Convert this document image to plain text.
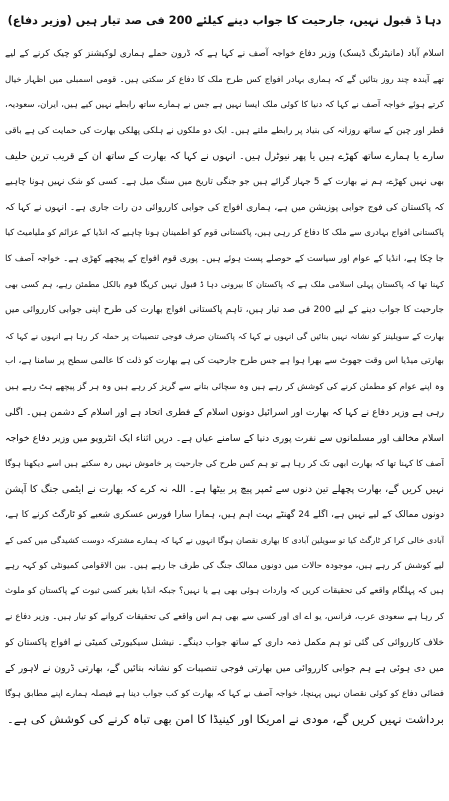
دہا ڈ قبول نہیں، جارحیت کا جواب دینے کیلئے 200 فی صد تیار ہیں (وزیر دفاع)
اسلام آباد (مانیٹرنگ ڈیسک) وزیر دفاع خواجہ آصف نے کہا ہے کہ ڈرون حملے ہماری لوکیشنز کو چیک کرنے کے لیے
تھے آیندہ چند روز بتائیں گے کہ ہماری بہادر افواج کس طرح ملک کا دفاع کر سکتی ہیں۔ قومی اسمبلی میں اظہار خیال
کرتے ہوئے خواجہ آصف نے کہا کہ دنیا کا کوئی ملک ایسا نہیں ہے جس نے ہمارے ساتھ رابطے نہیں کیے ہیں، ایران، سعودیہ،
قطر اور چین کے ساتھ روزانہ کی بنیاد پر رابطے ملتے ہیں۔ ایک دو ملکوں نے ہلکی پھلکی بھارت کی حمایت کی ہے باقی
سارے یا ہمارے ساتھ کھڑے ہیں یا پھر نیوٹرل ہیں۔ انہوں نے کہا کہ بھارت کے ساتھ ان کے قریب ترین حلیف
بھی نہیں کھڑے، ہم نے بھارت کے 5 جہاز گرائے ہیں جو جنگی تاریخ میں سنگ میل ہے۔ کسی کو شک نہیں ہونا چاہیے
کہ پاکستان کی فوج جوابی پوزیشن میں ہے، ہماری افواج کی جوابی کارروائی دن رات جاری ہے۔ انہوں نے کہا کہ
پاکستانی افواج بہادری سے ملک کا دفاع کر رہی ہیں، پاکستانی قوم کو اطمینان ہونا چاہیے کہ انڈیا کے عزائم کو ملیامیٹ کیا
جا چکا ہے، انڈیا کے عوام اور سیاست کے حوصلے پست ہوئے ہیں۔ پوری قوم افواج کے پیچھے کھڑی ہے۔ خواجہ آصف کا
کہنا تھا کہ پاکستان پہلی اسلامی ملک ہے کہ پاکستان کا بیرونی دہا ڈ قبول نہیں کریگا قوم بالکل مطمئن رہے، ہم کسی بھی
جارحیت کا جواب دینے کے لیے 200 فی صد تیار ہیں، تاہم پاکستانی افواج بھارت کی طرح اپنی جوابی کارروائی میں
بھارت کے سویلینز کو نشانہ نہیں بنائیں گی انہوں نے کہا کہ پاکستان صرف فوجی تنصیبات پر حملہ کر رہا ہے انہوں نے کہا کہ
بھارتی میڈیا اس وقت جھوٹ سے بھرا ہوا ہے جس طرح جارحیت کی ہے بھارت کو ذلت کا عالمی سطح پر سامنا ہے، اب
وہ اپنے عوام کو مطمئن کرنے کی کوشش کر رہے ہیں وہ سچائی بتانے سے گریز کر رہے ہیں وہ ہر گز پیچھے ہٹ رہے ہیں
رہی ہے وزیر دفاع نے کہا کہ بھارت اور اسرائیل دونوں اسلام کے فطری اتحاد ہے اور اسلام کے دشمن ہیں۔ اگلی
اسلام مخالف اور مسلمانوں سے نفرت پوری دنیا کے سامنے عیاں ہے۔ دریں اثناء ایک انٹرویو میں وزیر دفاع خواجہ
آصف کا کہنا تھا کہ بھارت ابھی تک کر رہا ہے تو ہم کس طرح کی جارحیت پر خاموش نہیں رہ سکتے ہیں اسے دیکھنا ہوگا
نہیں کریں گے، بھارت پچھلے تین دنوں سے ٹمپر پیچ پر بیٹھا ہے۔ اللہ نہ کرے کہ بھارت نے ایٹمی جنگ کا آپشن
دونوں ممالک کے لیے نہیں ہے، اگلے 24 گھنٹے بہت اہم ہیں، ہمارا سارا فورس عسکری شعبے کو ٹارگٹ کرنے کا ہے،
آبادی خالی کرا کر ٹارگٹ کیا تو سویلین آبادی کا بھاری نقصان ہوگا انہوں نے کہا کہ ہمارے مشترکہ دوست کشیدگی میں کمی کے
لیے کوشش کر رہے ہیں، موجودہ حالات میں دونوں ممالک جنگ کی طرف جا رہے ہیں۔ بین الاقوامی کمیونٹی کو کہہ رہے
ہیں کہ پہلگام واقعے کی تحقیقات کریں کہ واردات ہوئی بھی ہے یا نہیں؟ جبکہ انڈیا بغیر کسی ثبوت کے پاکستان کو ملوث
کر رہا ہے سعودی عرب، فرانس، یو اے ای اور کسی سے بھی ہم اس واقعے کی تحقیقات کروانے کو تیار ہیں۔ وزیر دفاع نے
خلاف کارروائی کی گئی تو ہم مکمل ذمہ داری کے ساتھ جواب دینگے۔ نیشنل سیکیورٹی کمیٹی نے افواج پاکستان کو
میں دی ہوئی ہے ہم جوابی کارروائی میں بھارتی فوجی تنصیبات کو نشانہ بنائیں گے، بھارتی ڈرون نے لاہور کے
فضائی دفاع کو کوئی نقصان نہیں پہنچا، خواجہ آصف نے کہا کہ بھارت کو کب جواب دینا ہے فیصلہ ہمارے اپنے مطابق ہوگا
برداشت نہیں کریں گے، مودی نے امریکا اور کینیڈا کا امن بھی تباہ کرنے کی کوشش کی ہے۔
